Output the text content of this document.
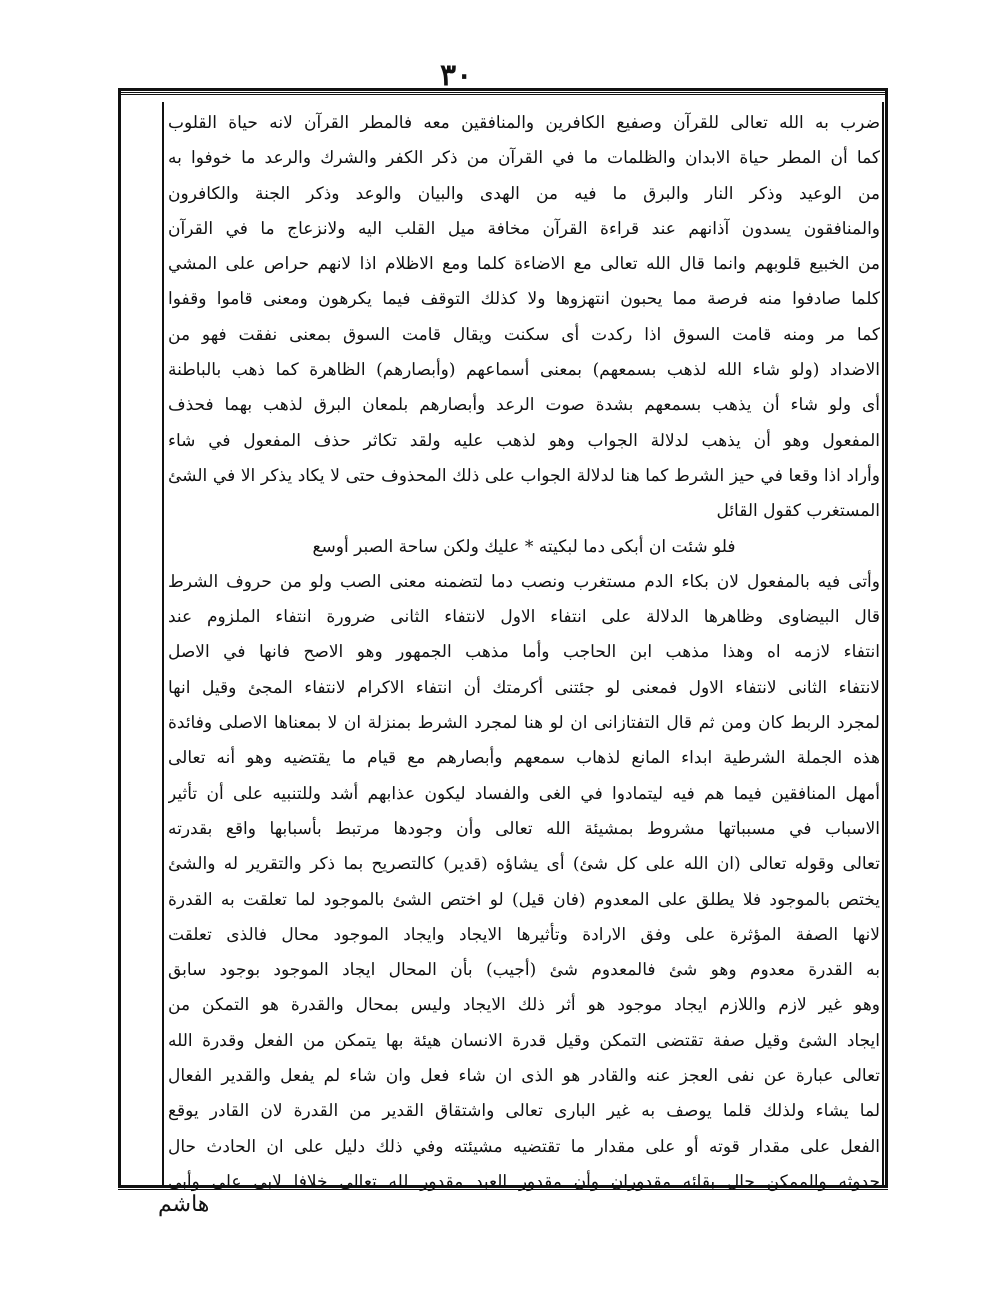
٣٠
ضرب به الله تعالى للقرآن وصفيع الكافرين والمنافقين معه فالمطر القرآن لانه حياة القلوب
كما أن المطر حياة الابدان والظلمات ما في القرآن من ذكر الكفر والشرك والرعد ما خوفوا به
من الوعيد وذكر النار والبرق ما فيه من الهدى والبيان والوعد وذكر الجنة والكافرون
والمنافقون يسدون آذانهم عند قراءة القرآن مخافة ميل القلب اليه ولانزعاج ما في القرآن
من الخبيع قلوبهم وانما قال الله تعالى مع الاضاءة كلما ومع الاظلام اذا لانهم حراص على المشي
كلما صادفوا منه فرصة مما يحبون انتهزوها ولا كذلك التوقف فيما يكرهون ومعنى قاموا وقفوا
كما مر ومنه قامت السوق اذا ركدت أى سكنت ويقال قامت السوق بمعنى نفقت فهو من
الاضداد (ولو شاء الله لذهب بسمعهم) بمعنى أسماعهم (وأبصارهم) الظاهرة كما ذهب بالباطنة
أى ولو شاء أن يذهب بسمعهم بشدة صوت الرعد وأبصارهم بلمعان البرق لذهب بهما فحذف
المفعول وهو أن يذهب لدلالة الجواب وهو لذهب عليه ولقد تكاثر حذف المفعول في شاء
وأراد اذا وقعا في حيز الشرط كما هنا لدلالة الجواب على ذلك المحذوف حتى لا يكاد يذكر الا في الشئ
المستغرب كقول القائل
فلو شئت ان أبكى دما لبكيته * عليك ولكن ساحة الصبر أوسع
وأتى فيه بالمفعول لان بكاء الدم مستغرب ونصب دما لتضمنه معنى الصب ولو من حروف الشرط
قال البيضاوى وظاهرها الدلالة على انتفاء الاول لانتفاء الثانى ضرورة انتفاء الملزوم عند
انتفاء لازمه اه وهذا مذهب ابن الحاجب وأما مذهب الجمهور وهو الاصح فانها في الاصل
لانتفاء الثانى لانتفاء الاول فمعنى لو جئتنى أكرمتك أن انتفاء الاكرام لانتفاء المجئ وقيل انها
لمجرد الربط كان ومن ثم قال التفتازانى ان لو هنا لمجرد الشرط بمنزلة ان لا بمعناها الاصلى وفائدة
هذه الجملة الشرطية ابداء المانع لذهاب سمعهم وأبصارهم مع قيام ما يقتضيه وهو أنه تعالى
أمهل المنافقين فيما هم فيه ليتمادوا في الغى والفساد ليكون عذابهم أشد وللتنبيه على أن تأثير
الاسباب في مسبباتها مشروط بمشيئة الله تعالى وأن وجودها مرتبط بأسبابها واقع بقدرته
تعالى وقوله تعالى (ان الله على كل شئ) أى يشاؤه (قدير) كالتصريح بما ذكر والتقرير له والشئ
يختص بالموجود فلا يطلق على المعدوم (فان قيل) لو اختص الشئ بالموجود لما تعلقت به القدرة
لانها الصفة المؤثرة على وفق الارادة وتأثيرها الايجاد وايجاد الموجود محال فالذى تعلقت
به القدرة معدوم وهو شئ فالمعدوم شئ (أجيب) بأن المحال ايجاد الموجود بوجود سابق
وهو غير لازم واللازم ايجاد موجود هو أثر ذلك الايجاد وليس بمحال والقدرة هو التمكن من
ايجاد الشئ وقيل صفة تقتضى التمكن وقيل قدرة الانسان هيئة بها يتمكن من الفعل وقدرة الله
تعالى عبارة عن نفى العجز عنه والقادر هو الذى ان شاء فعل وان شاء لم يفعل والقدير الفعال
لما يشاء ولذلك قلما يوصف به غير البارى تعالى واشتقاق القدير من القدرة لان القادر يوقع
الفعل على مقدار قوته أو على مقدار ما تقتضيه مشيئته وفي ذلك دليل على ان الحادث حال
حدوثه والممكن حال بقائه مقدوران وأن مقدور العبد مقدور لله تعالى خلافا لابى على وأبى
هاشم
